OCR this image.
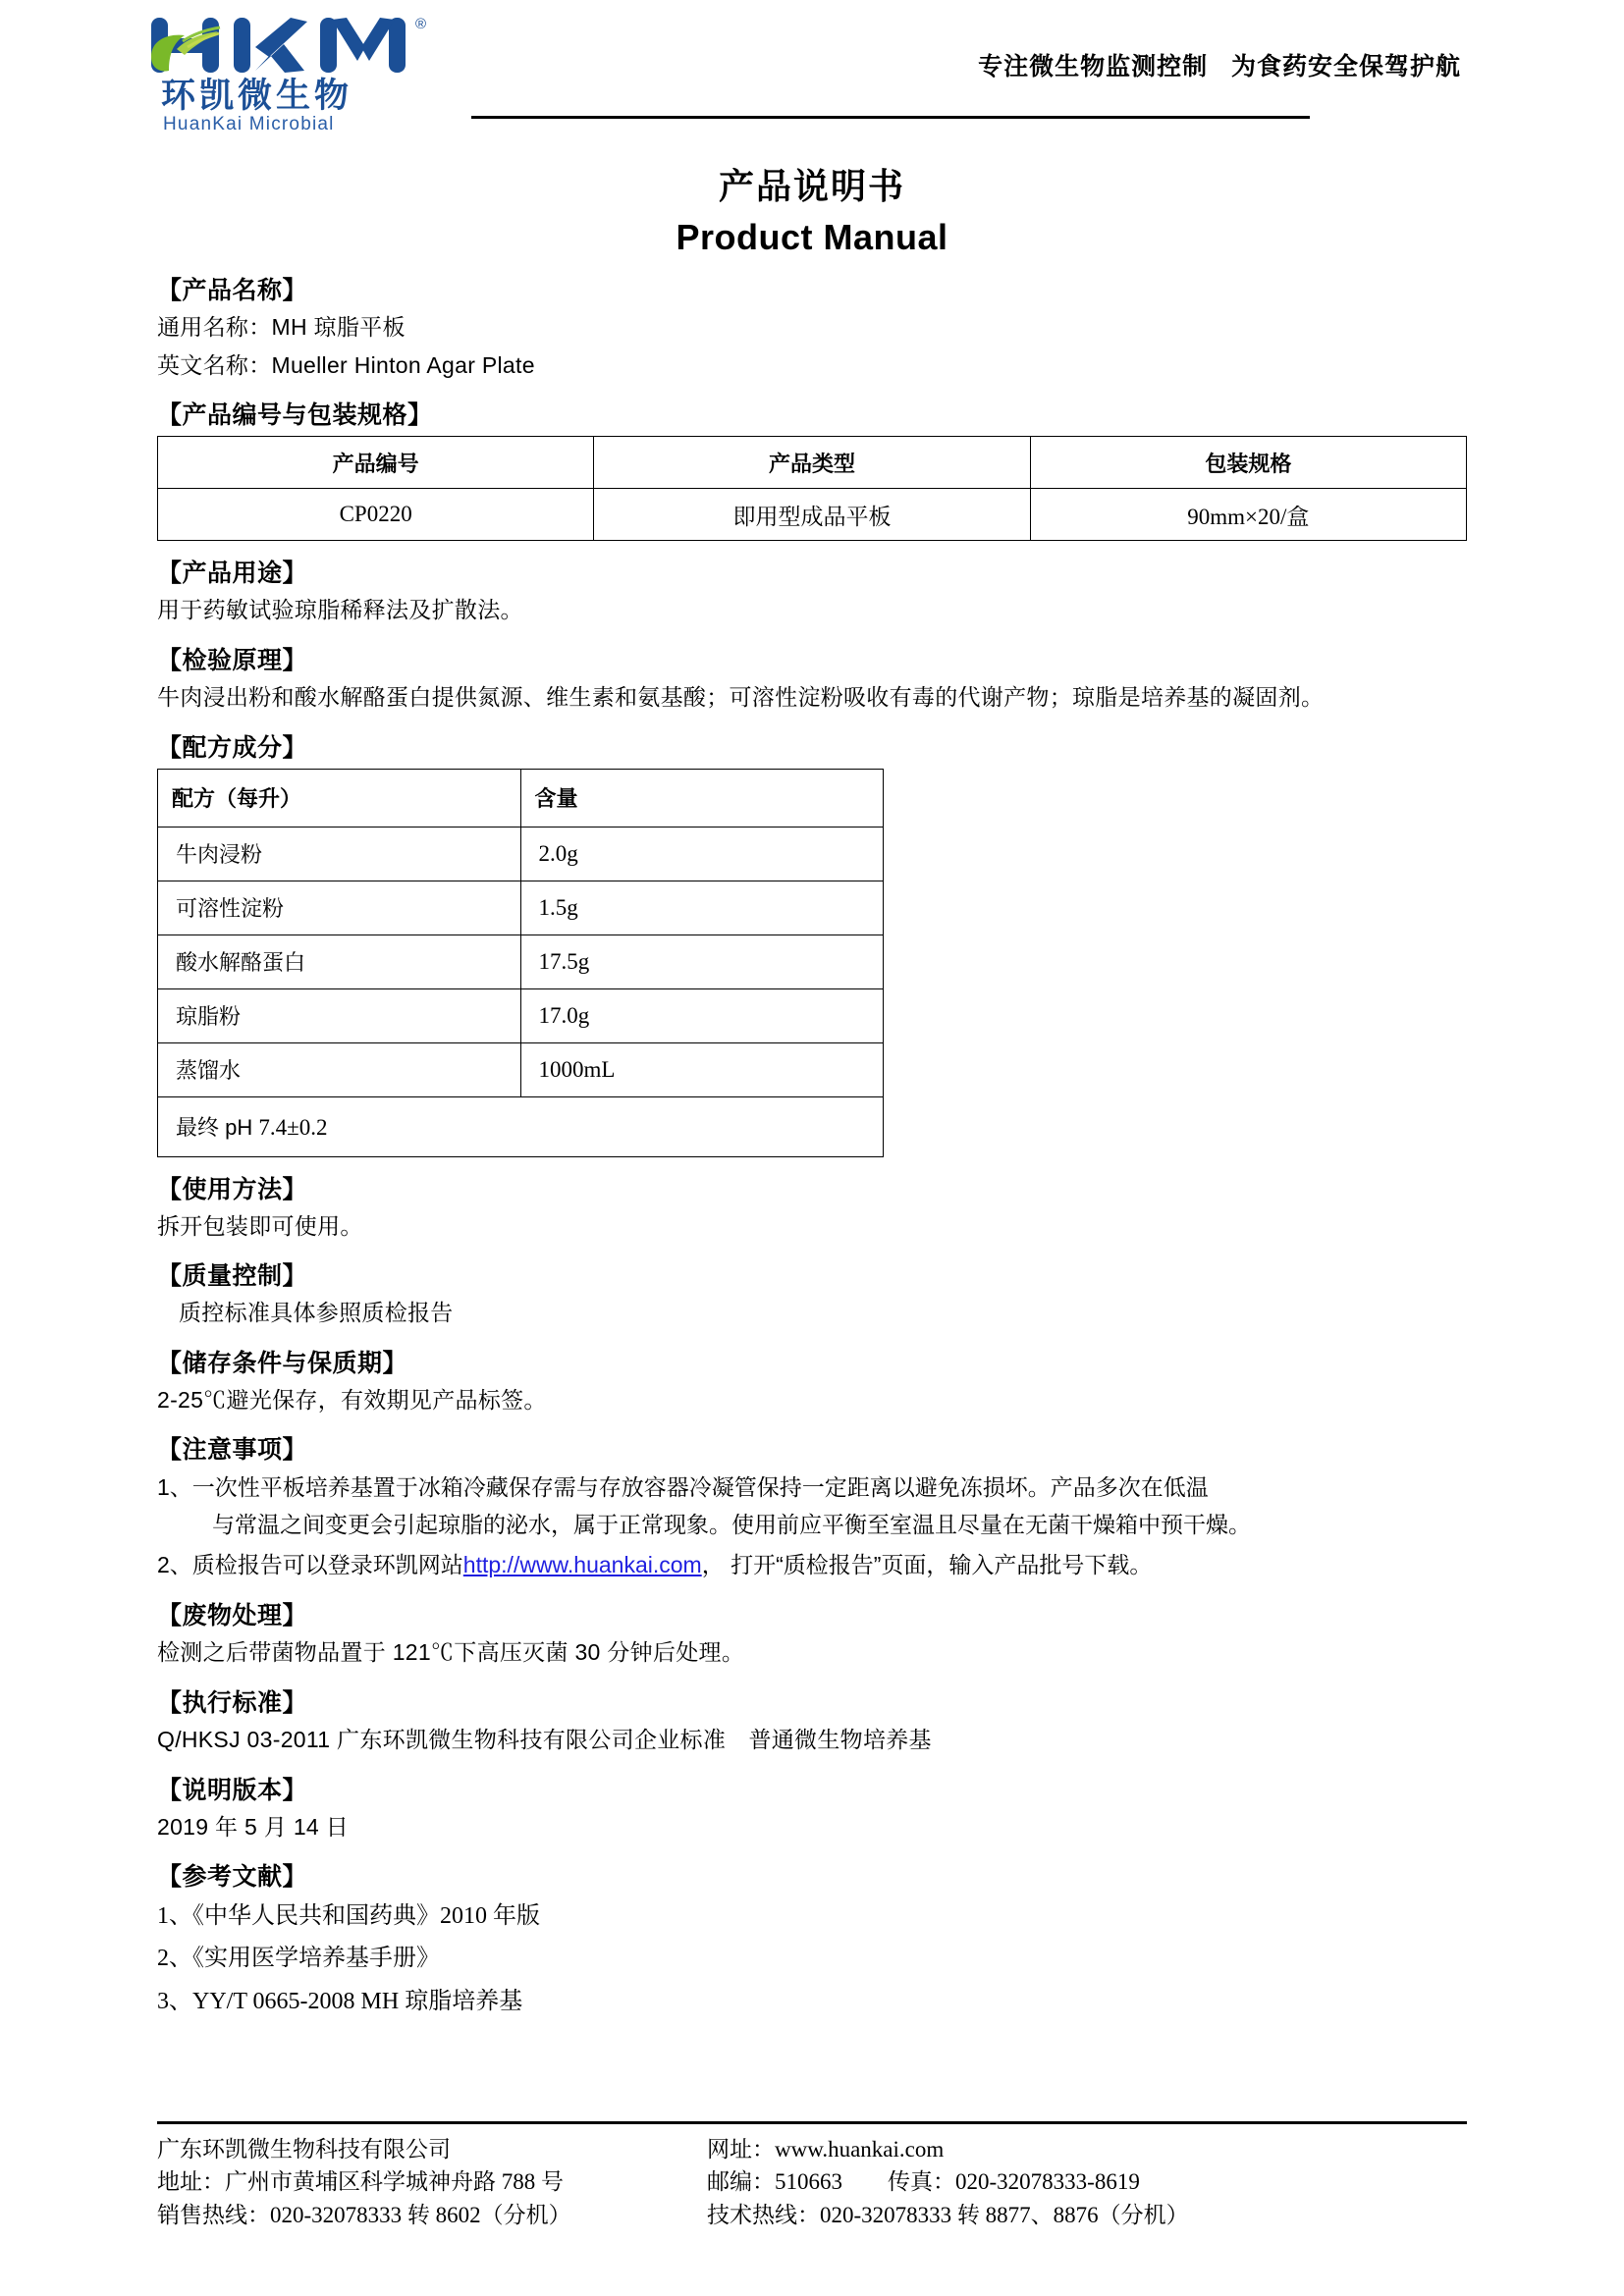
®
环凯微生物
HuanKai Microbial
专注微生物监测控制   为食药安全保驾护航
产品说明书
Product Manual
【产品名称】
通用名称：MH 琼脂平板
英文名称：Mueller Hinton Agar Plate
【产品编号与包装规格】
产品编号	产品类型	包装规格
CP0220	即用型成品平板	90mm×20/盒
【产品用途】
用于药敏试验琼脂稀释法及扩散法。
【检验原理】
牛肉浸出粉和酸水解酪蛋白提供氮源、维生素和氨基酸；可溶性淀粉吸收有毒的代谢产物；琼脂是培养基的凝固剂。
【配方成分】
配方（每升）	含量
牛肉浸粉	2.0g
可溶性淀粉	1.5g
酸水解酪蛋白	17.5g
琼脂粉	17.0g
蒸馏水	1000mL
最终 pH 7.4±0.2	
【使用方法】
拆开包装即可使用。
【质量控制】
质控标准具体参照质检报告
【储存条件与保质期】
2-25℃避光保存，有效期见产品标签。
【注意事项】
1、一次性平板培养基置于冰箱冷藏保存需与存放容器冷凝管保持一定距离以避免冻损坏。产品多次在低温
与常温之间变更会引起琼脂的泌水，属于正常现象。使用前应平衡至室温且尽量在无菌干燥箱中预干燥。
2、质检报告可以登录环凯网站http://www.huankai.com， 打开“质检报告”页面，输入产品批号下载。
【废物处理】
检测之后带菌物品置于 121℃下高压灭菌 30 分钟后处理。
【执行标准】
Q/HKSJ 03-2011 广东环凯微生物科技有限公司企业标准　普通微生物培养基
【说明版本】
2019 年 5 月 14 日
【参考文献】
1、《中华人民共和国药典》2010 年版
2、《实用医学培养基手册》
3、YY/T 0665-2008 MH 琼脂培养基
广东环凯微生物科技有限公司
地址：广州市黄埔区科学城神舟路 788 号
销售热线：020-32078333 转 8602（分机）
网址：www.huankai.com
邮编：510663　　传真：020-32078333-8619
技术热线：020-32078333 转 8877、8876（分机）
